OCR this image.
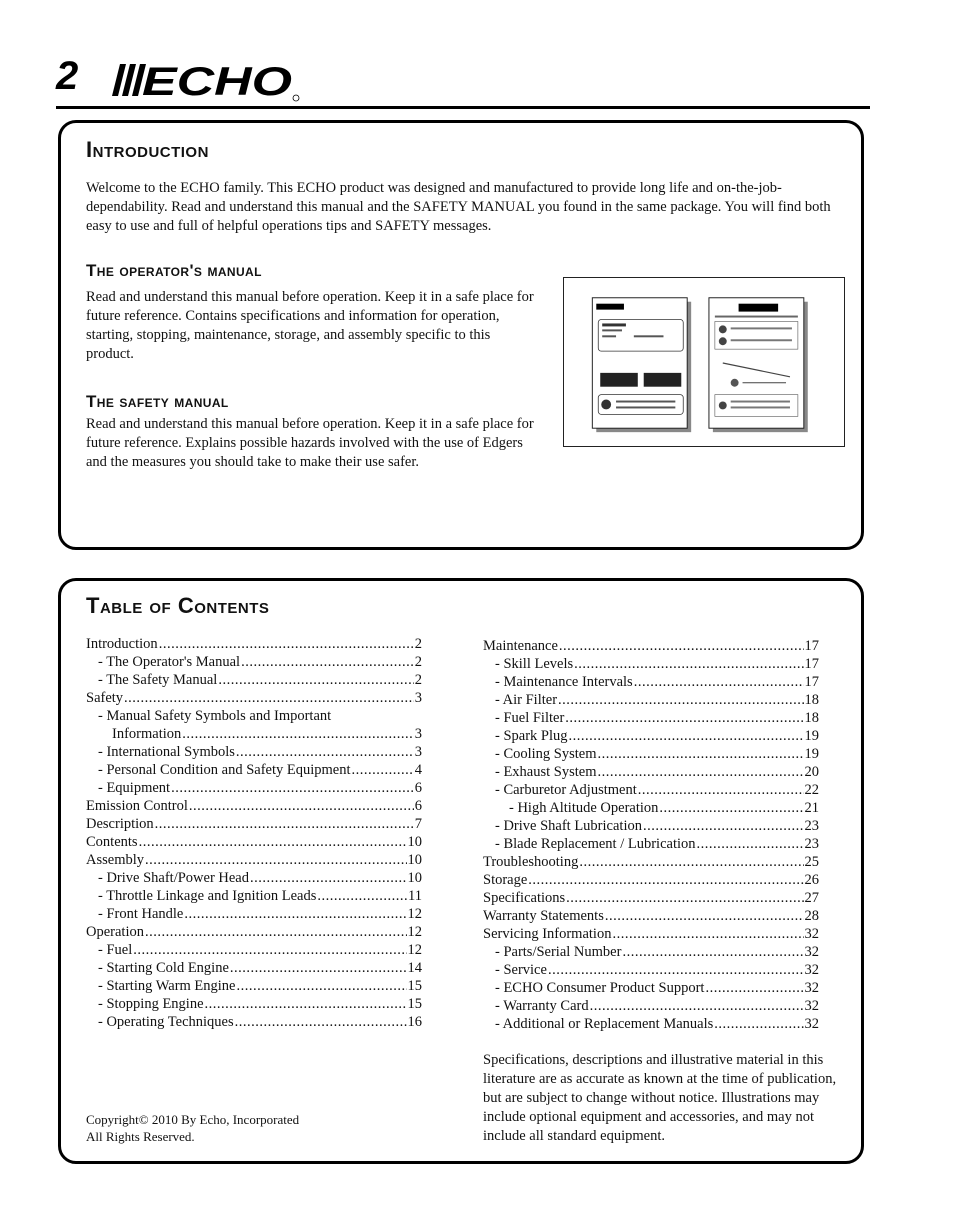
2 ECHO
Introduction
Welcome to the ECHO family. This ECHO product was designed and manufactured to provide long life and on-the-job-dependability. Read and understand this manual and the SAFETY MANUAL you found in the same package. You will find both easy to use and full of helpful operations tips and SAFETY messages.
The operator's manual
Read and understand this manual before operation. Keep it in a safe place for future reference. Contains specifications and information for operation, starting, stopping, maintenance, storage, and assembly specific to this product.
The safety manual
Read and understand this manual before operation. Keep it in a safe place for future reference. Explains possible hazards involved with the use of Edgers and the measures you should take to make their use safer.
Table of Contents
Introduction .....	2
- The Operator's Manual .....	2
- The Safety Manual .....	2
Safety .....	3
- Manual Safety Symbols and Important
Information .....	3
- International Symbols .....	3
- Personal Condition and Safety Equipment .....	4
- Equipment .....	6
Emission Control .....	6
Description .....	7
Contents .....	10
Assembly .....	10
- Drive Shaft/Power Head .....	10
- Throttle Linkage and Ignition Leads .....	11
- Front Handle .....	12
Operation .....	12
- Fuel .....	12
- Starting Cold Engine .....	14
- Starting Warm Engine .....	15
- Stopping Engine .....	15
- Operating Techniques .....	16
Maintenance .....	17
- Skill Levels .....	17
- Maintenance Intervals .....	17
- Air Filter .....	18
- Fuel Filter .....	18
- Spark Plug .....	19
- Cooling System .....	19
- Exhaust System .....	20
- Carburetor Adjustment .....	22
- High Altitude Operation .....	21
- Drive Shaft Lubrication .....	23
- Blade Replacement / Lubrication .....	23
Troubleshooting .....	25
Storage .....	26
Specifications .....	27
Warranty Statements .....	28
Servicing Information .....	32
- Parts/Serial Number .....	32
- Service .....	32
- ECHO Consumer Product Support .....	32
- Warranty Card .....	32
- Additional or Replacement Manuals .....	32
Specifications, descriptions and illustrative material in this literature are as accurate as known at the time of publication, but are subject to change without notice. Illustrations may include optional equipment and accessories, and may not include all standard equipment.
Copyright© 2010 By Echo, Incorporated
All Rights Reserved.
